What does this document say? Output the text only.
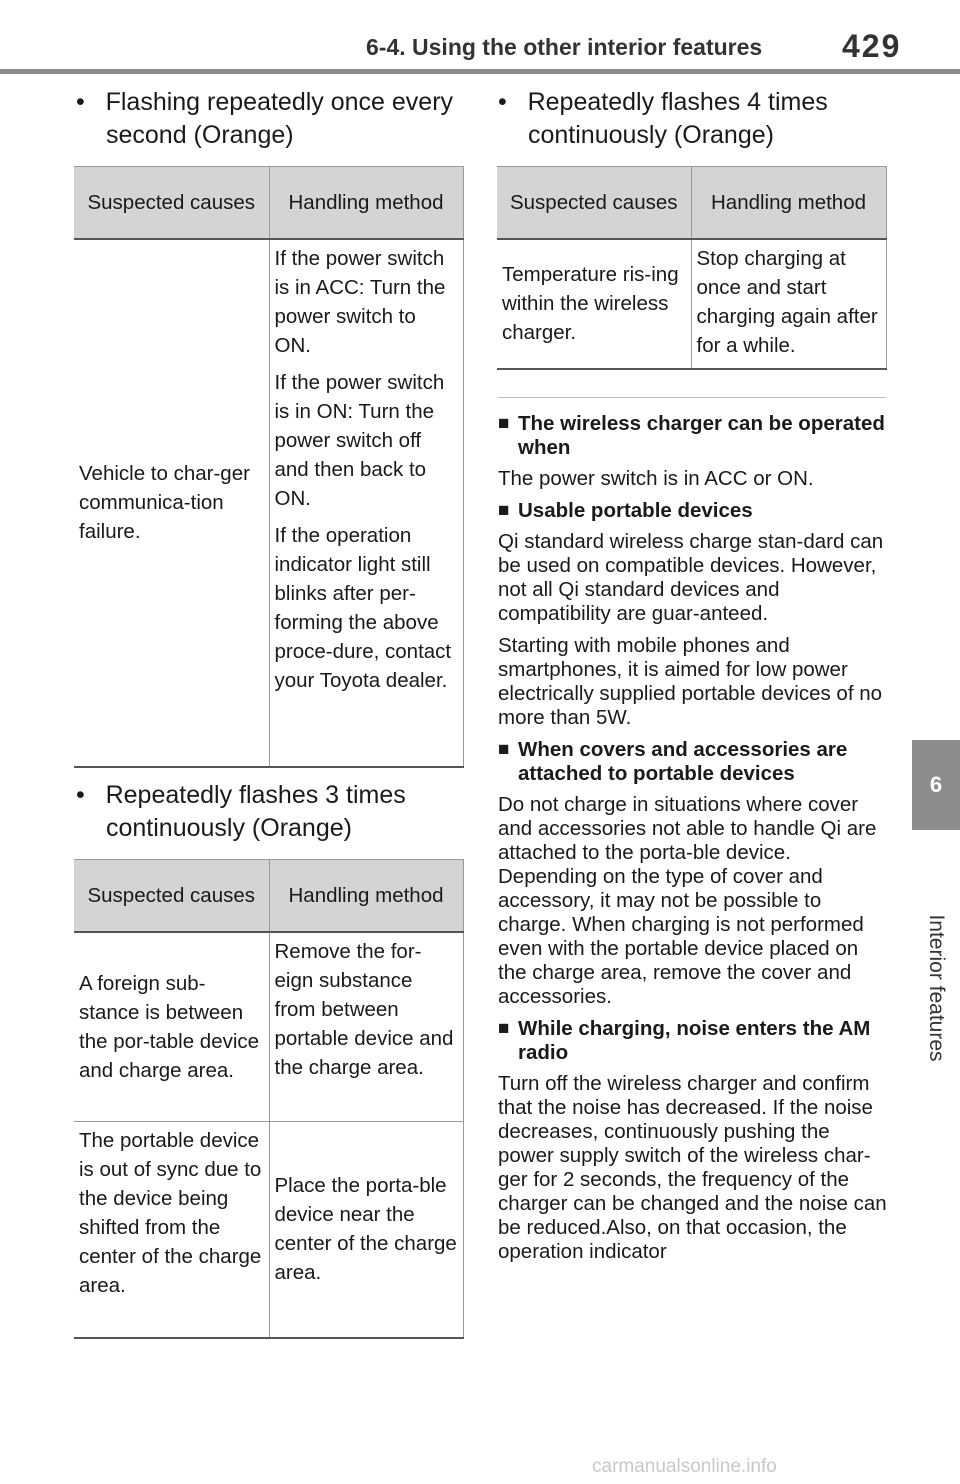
6-4. Using the other interior features 429
6
Interior features
•   Flashing repeatedly once every second (Orange)
Suspected causes	Handling method
Vehicle to char-ger communica-tion failure.	If the power switch is in ACC: Turn the power switch to ON.
If the power switch is in ON: Turn the power switch off and then back to ON.
If the operation indicator light still blinks after per-forming the above proce-dure, contact your Toyota dealer.
•   Repeatedly flashes 3 times continuously (Orange)
Suspected causes	Handling method
A foreign sub-stance is between the por-table device and charge area.	Remove the for-eign substance from between portable device and the charge area.
The portable device is out of sync due to the device being shifted from the center of the charge area.	Place the porta-ble device near the center of the charge area.
•   Repeatedly flashes 4 times continuously (Orange)
Suspected causes	Handling method
Temperature ris-ing within the wireless charger.	Stop charging at once and start charging again after for a while.
■ The wireless charger can be operated when

The power switch is in ACC or ON.

■ Usable portable devices

Qi standard wireless charge stan-dard can be used on compatible devices. However, not all Qi standard devices and compatibility are guar-anteed.

Starting with mobile phones and smartphones, it is aimed for low power electrically supplied portable devices of no more than 5W.

■ When covers and accessories are attached to portable devices

Do not charge in situations where cover and accessories not able to handle Qi are attached to the porta-ble device. Depending on the type of cover and accessory, it may not be possible to charge. When charging is not performed even with the portable device placed on the charge area, remove the cover and accessories.

■ While charging, noise enters the AM radio

Turn off the wireless charger and confirm that the noise has decreased. If the noise decreases, continuously pushing the power supply switch of the wireless char-ger for 2 seconds, the frequency of the charger can be changed and the noise can be reduced.Also, on that occasion, the operation indicator

carmanualsonline.info
